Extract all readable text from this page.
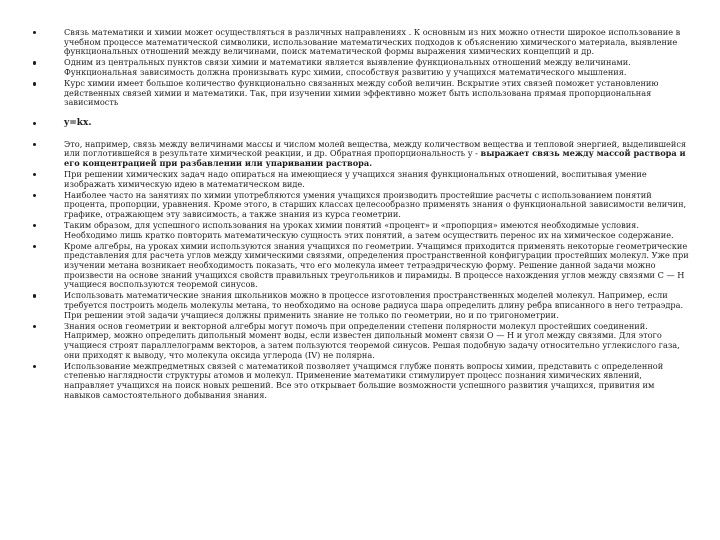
Связь математики и химии может осуществляться в различных направлениях . К основным из них можно отнести широкое использование в учебном процессе математической символики, использование математических подходов к объяснению химического материала, выявление функциональных отношений между величинами, поиск математической формы выражения химических концепций и др.
Одним из центральных пунктов связи химии и математики является выявление функциональных отношений между величинами. Функциональная зависимость должна пронизывать курс химии, способствуя развитию у учащихся математического мышления.
Курс химии имеет большое количество функционально связанных между собой величин. Вскрытие этих связей поможет установлению действенных связей химии и математики. Так, при изучении химии эффективно может быть использована прямая пропорциональная зависимость
y=kx.
Это, например, связь между величинами массы и числом молей вещества, между количеством вещества и тепловой энергией, выделившейся или поглотившейся в результате химической реакции, и др. Обратная пропорциональность у - выражает связь между массой раствора и его концентрацией при разбавлении или упаривании раствора.
При решении химических задач надо опираться на имеющиеся у учащихся знания функциональных отношений, воспитывая умение изображать химическую идею в математическом виде.
Наиболее часто на занятиях по химии употребляются умения учащихся производить простейшие расчеты с использованием понятий процента, пропорции, уравнения. Кроме этого, в старших классах целесообразно применять знания о функциональной зависимости величин, графике, отражающем эту зависимость, а также знания из курса геометрии.
Таким образом, для успешного использования на уроках химии понятий «процент» и «пропорция» имеются необходимые условия. Необходимо лишь кратко повторить математическую сущность этих понятий, а затем осуществить перенос их на химическое содержание.
Кроме алгебры, на уроках химии используются знания учащихся по геометрии. Учащимся приходится применять некоторые геометрические представления для расчета углов между химическими связями, определения пространственной конфигурации простейших молекул. Уже при изучении метана возникает необходимость показать, что его молекула имеет тетраэдрическую форму. Решение данной задачи можно произвести на основе знаний учащихся свойств правильных треугольников и пирамиды. В процессе нахождения углов между связями С — Н учащиеся воспользуются теоремой синусов.
Использовать математические знания школьников можно в процессе изготовления пространственных моделей молекул. Например, если требуется построить модель молекулы метана, то необходимо на основе радиуса шара определить длину ребра вписанного в него тетраэдра. При решении этой задачи учащиеся должны применить знание не только по геометрии, но и по тригонометрии.
Знания основ геометрии и векторной алгебры могут помочь при определении степени полярности молекул простейших соединений. Например, можно определить дипольный момент воды, если известен дипольный момент связи О — Н и угол между связями. Для этого учащиеся строят параллелограмм векторов, а затем пользуются теоремой синусов. Решая подобную задачу относительно углекислого газа, они приходят к выводу, что молекула оксида углерода (IV) не полярна.
Использование межпредметных связей с математикой позволяет учащимся глубже понять вопросы химии, представить с определенной степенью наглядности структуры атомов и молекул. Применение математики стимулирует процесс познания химических явлений, направляет учащихся на поиск новых решений. Все это открывает большие возможности успешного развития учащихся, привития им навыков самостоятельного добывания знания.
